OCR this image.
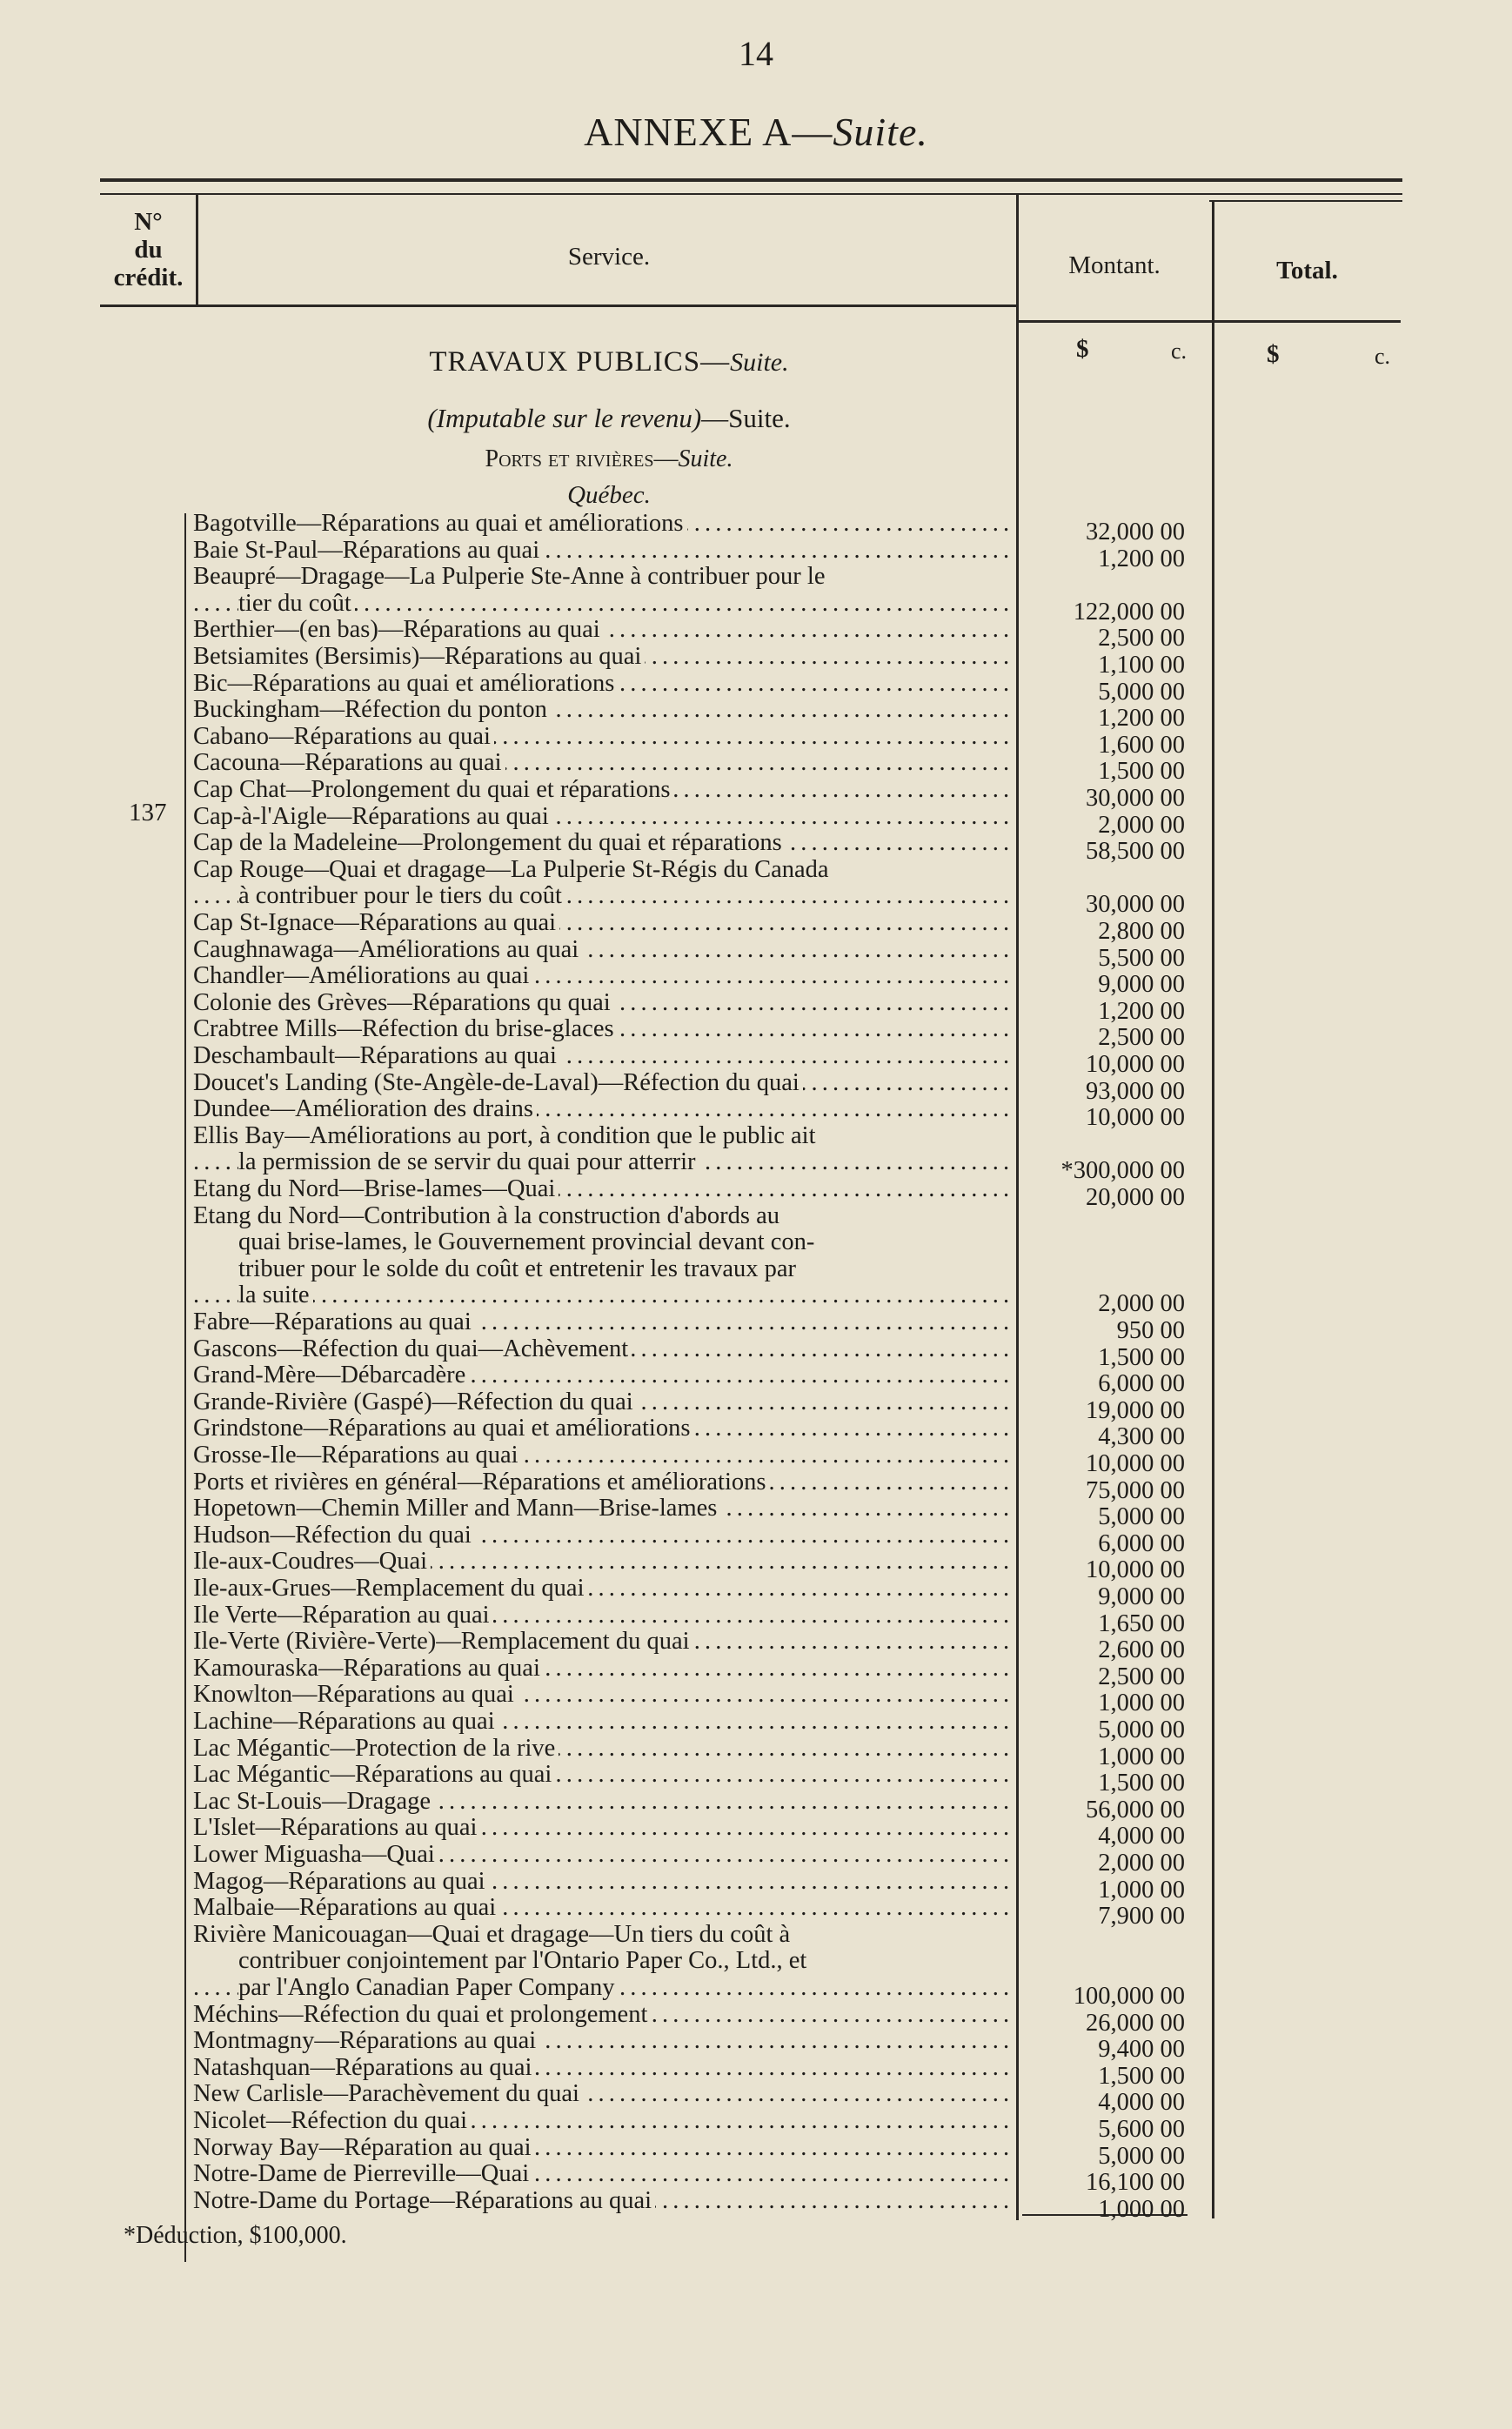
14
ANNEXE A—Suite.
N°
du
crédit.
Service.	Montant.	Total.
$	c.	$	c.
TRAVAUX PUBLICS—Suite.
(Imputable sur le revenu)—Suite.
Ports et rivières—Suite.
Québec.
137
. . .
Bagotville—Réparations au quai et améliorations	32,000 00
. . .
Baie St-Paul—Réparations au quai	1,200 00
Beaupré—Dragage—La Pulperie Ste-Anne à contribuer pour le
. . .
tier du coût	122,000 00
. . .
Berthier—(en bas)—Réparations au quai	2,500 00
. . .
Betsiamites (Bersimis)—Réparations au quai	1,100 00
. . .
Bic—Réparations au quai et améliorations	5,000 00
. . .
Buckingham—Réfection du ponton	1,200 00
. . .
Cabano—Réparations au quai	1,600 00
. . .
Cacouna—Réparations au quai	1,500 00
. . .
Cap Chat—Prolongement du quai et réparations	30,000 00
. . .
Cap-à-l'Aigle—Réparations au quai	2,000 00
. . .
Cap de la Madeleine—Prolongement du quai et réparations	58,500 00
Cap Rouge—Quai et dragage—La Pulperie St-Régis du Canada
. . .
à contribuer pour le tiers du coût	30,000 00
. . .
Cap St-Ignace—Réparations au quai	2,800 00
. . .
Caughnawaga—Améliorations au quai	5,500 00
. . .
Chandler—Améliorations au quai	9,000 00
. . .
Colonie des Grèves—Réparations qu quai	1,200 00
. . .
Crabtree Mills—Réfection du brise-glaces	2,500 00
. . .
Deschambault—Réparations au quai	10,000 00
. . .
Doucet's Landing (Ste-Angèle-de-Laval)—Réfection du quai	93,000 00
. . .
Dundee—Amélioration des drains	10,000 00
Ellis Bay—Améliorations au port, à condition que le public ait
. . .
la permission de se servir du quai pour atterrir	*300,000 00
. . .
Etang du Nord—Brise-lames—Quai	20,000 00
Etang du Nord—Contribution à la construction d'abords au
quai brise-lames, le Gouvernement provincial devant con-
tribuer pour le solde du coût et entretenir les travaux par
. . .
la suite	2,000 00
. . .
Fabre—Réparations au quai	950 00
. . .
Gascons—Réfection du quai—Achèvement	1,500 00
. . .
Grand-Mère—Débarcadère	6,000 00
. . .
Grande-Rivière (Gaspé)—Réfection du quai	19,000 00
. . .
Grindstone—Réparations au quai et améliorations	4,300 00
. . .
Grosse-Ile—Réparations au quai	10,000 00
. . .
Ports et rivières en général—Réparations et améliorations	75,000 00
. . .
Hopetown—Chemin Miller and Mann—Brise-lames	5,000 00
. . .
Hudson—Réfection du quai	6,000 00
. . .
Ile-aux-Coudres—Quai	10,000 00
. . .
Ile-aux-Grues—Remplacement du quai	9,000 00
. . .
Ile Verte—Réparation au quai	1,650 00
. . .
Ile-Verte (Rivière-Verte)—Remplacement du quai	2,600 00
. . .
Kamouraska—Réparations au quai	2,500 00
. . .
Knowlton—Réparations au quai	1,000 00
. . .
Lachine—Réparations au quai	5,000 00
. . .
Lac Mégantic—Protection de la rive	1,000 00
. . .
Lac Mégantic—Réparations au quai	1,500 00
. . .
Lac St-Louis—Dragage	56,000 00
. . .
L'Islet—Réparations au quai	4,000 00
. . .
Lower Miguasha—Quai	2,000 00
. . .
Magog—Réparations au quai	1,000 00
. . .
Malbaie—Réparations au quai	7,900 00
Rivière Manicouagan—Quai et dragage—Un tiers du coût à
contribuer conjointement par l'Ontario Paper Co., Ltd., et
. . .
par l'Anglo Canadian Paper Company	100,000 00
. . .
Méchins—Réfection du quai et prolongement	26,000 00
. . .
Montmagny—Réparations au quai	9,400 00
. . .
Natashquan—Réparations au quai	1,500 00
. . .
New Carlisle—Parachèvement du quai	4,000 00
. . .
Nicolet—Réfection du quai	5,600 00
. . .
Norway Bay—Réparation au quai	5,000 00
. . .
Notre-Dame de Pierreville—Quai	16,100 00
. . .
Notre-Dame du Portage—Réparations au quai	1,000 00
*Déduction, $100,000.
